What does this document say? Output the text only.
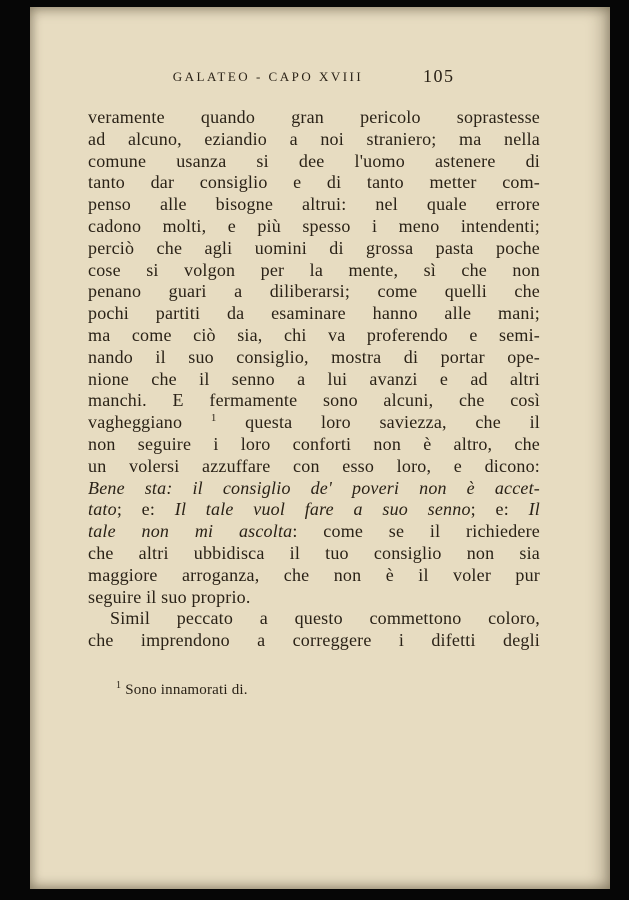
GALATEO - CAPO XVIII	105
veramente quando gran pericolo soprastesse
ad alcuno, eziandio a noi straniero; ma nella
comune usanza si dee l'uomo astenere di
tanto dar consiglio e di tanto metter com-
penso alle bisogne altrui: nel quale errore
cadono molti, e più spesso i meno intendenti;
perciò che agli uomini di grossa pasta poche
cose si volgon per la mente, sì che non
penano guari a diliberarsi; come quelli che
pochi partiti da esaminare hanno alle mani;
ma come ciò sia, chi va proferendo e semi-
nando il suo consiglio, mostra di portar ope-
nione che il senno a lui avanzi e ad altri
manchi. E fermamente sono alcuni, che così
vagheggiano $^1$ questa loro saviezza, che il
non seguire i loro conforti non è altro, che
un volersi azzuffare con esso loro, e dicono:
Bene sta: il consiglio de' poveri non è accet-
tato; e: Il tale vuol fare a suo senno; e: Il
tale non mi ascolta: come se il richiedere
che altri ubbidisca il tuo consiglio non sia
maggiore arroganza, che non è il voler pur
seguire il suo proprio.
Simil peccato a questo commettono coloro,
che imprendono a correggere i difetti degli
$^1$ Sono innamorati di.
